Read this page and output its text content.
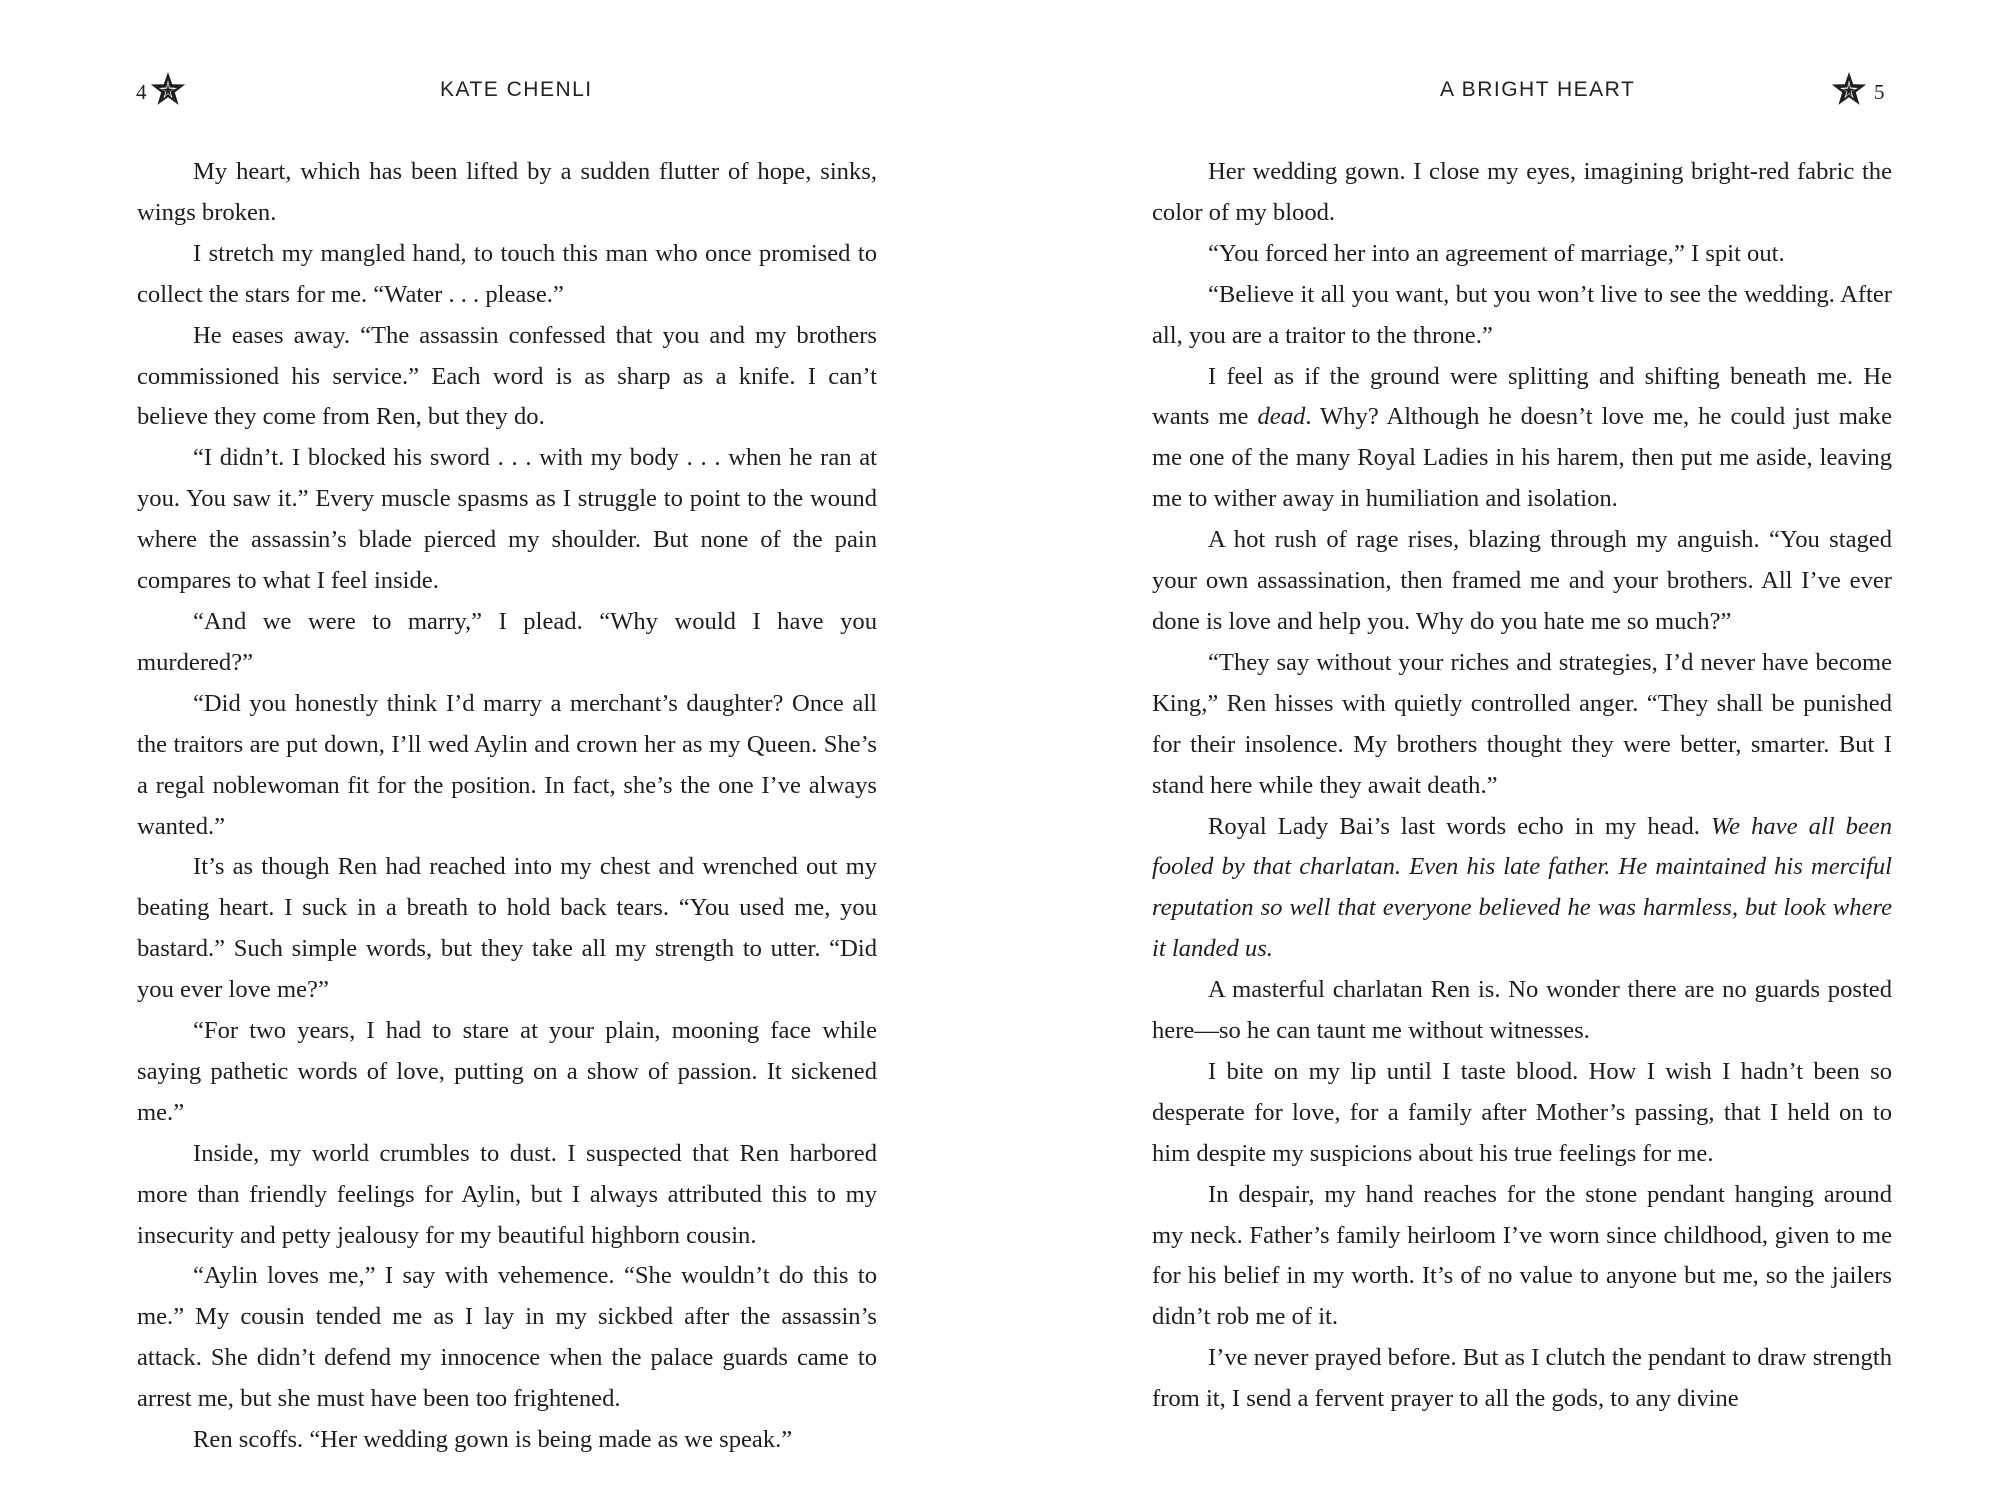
4	KATE CHENLI

My heart, which has been lifted by a sudden flutter of hope, sinks, wings broken.

I stretch my mangled hand, to touch this man who once promised to collect the stars for me. “Water . . . please.”

He eases away. “The assassin confessed that you and my brothers commissioned his service.” Each word is as sharp as a knife. I can’t believe they come from Ren, but they do.

“I didn’t. I blocked his sword . . . with my body . . . when he ran at you. You saw it.” Every muscle spasms as I struggle to point to the wound where the assassin’s blade pierced my shoulder. But none of the pain compares to what I feel inside.

“And we were to marry,” I plead. “Why would I have you murdered?”

“Did you honestly think I’d marry a merchant’s daughter? Once all the traitors are put down, I’ll wed Aylin and crown her as my Queen. She’s a regal noblewoman fit for the position. In fact, she’s the one I’ve always wanted.”

It’s as though Ren had reached into my chest and wrenched out my beating heart. I suck in a breath to hold back tears. “You used me, you bastard.” Such simple words, but they take all my strength to utter. “Did you ever love me?”

“For two years, I had to stare at your plain, mooning face while saying pathetic words of love, putting on a show of passion. It sickened me.”

Inside, my world crumbles to dust. I suspected that Ren harbored more than friendly feelings for Aylin, but I always attributed this to my insecurity and petty jealousy for my beautiful highborn cousin.

“Aylin loves me,” I say with vehemence. “She wouldn’t do this to me.” My cousin tended me as I lay in my sickbed after the assassin’s attack. She didn’t defend my innocence when the palace guards came to arrest me, but she must have been too frightened.

Ren scoffs. “Her wedding gown is being made as we speak.”

A BRIGHT HEART	5

Her wedding gown. I close my eyes, imagining bright-red fabric the color of my blood.

“You forced her into an agreement of marriage,” I spit out.

“Believe it all you want, but you won’t live to see the wedding. After all, you are a traitor to the throne.”

I feel as if the ground were splitting and shifting beneath me. He wants me dead. Why? Although he doesn’t love me, he could just make me one of the many Royal Ladies in his harem, then put me aside, leaving me to wither away in humiliation and isolation.

A hot rush of rage rises, blazing through my anguish. “You staged your own assassination, then framed me and your brothers. All I’ve ever done is love and help you. Why do you hate me so much?”

“They say without your riches and strategies, I’d never have become King,” Ren hisses with quietly controlled anger. “They shall be punished for their insolence. My brothers thought they were better, smarter. But I stand here while they await death.”

Royal Lady Bai’s last words echo in my head. We have all been fooled by that charlatan. Even his late father. He maintained his merciful reputation so well that everyone believed he was harmless, but look where it landed us.

A masterful charlatan Ren is. No wonder there are no guards posted here—so he can taunt me without witnesses.

I bite on my lip until I taste blood. How I wish I hadn’t been so desperate for love, for a family after Mother’s passing, that I held on to him despite my suspicions about his true feelings for me.

In despair, my hand reaches for the stone pendant hanging around my neck. Father’s family heirloom I’ve worn since childhood, given to me for his belief in my worth. It’s of no value to anyone but me, so the jailers didn’t rob me of it.

I’ve never prayed before. But as I clutch the pendant to draw strength from it, I send a fervent prayer to all the gods, to any divine
